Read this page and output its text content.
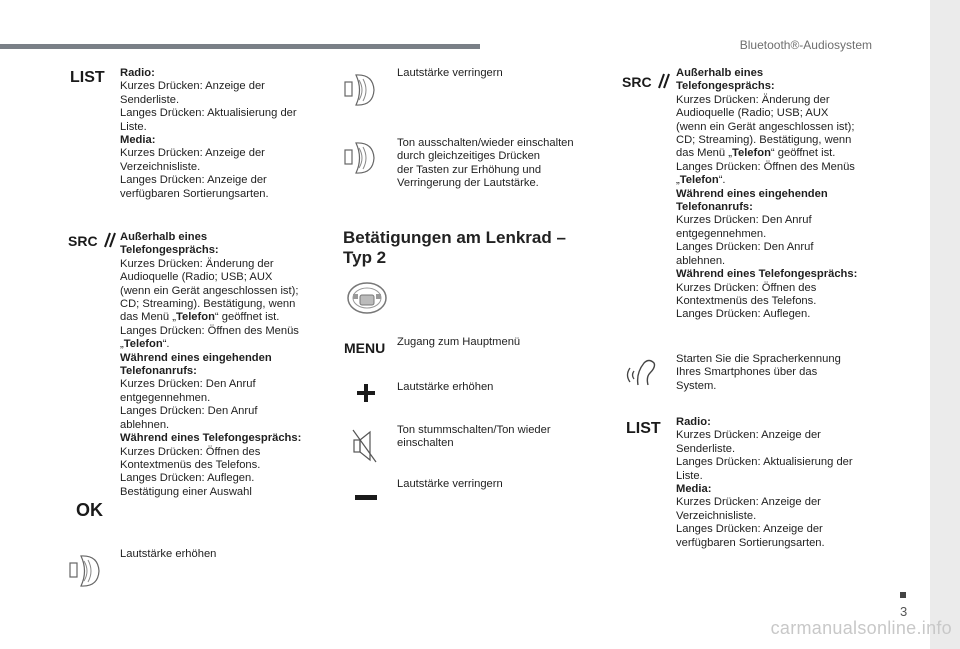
Bluetooth®-Audiosystem
3
carmanualsonline.info
LIST Radio:
Kurzes Drücken: Anzeige der
Senderliste.
Langes Drücken: Aktualisierung der
Liste.
Media:
Kurzes Drücken: Anzeige der
Verzeichnisliste.
Langes Drücken: Anzeige der
verfügbaren Sortierungsarten.
SRC	Außerhalb eines
Telefongesprächs:
Kurzes Drücken: Änderung der
Audioquelle (Radio; USB; AUX
(wenn ein Gerät angeschlossen ist);
CD; Streaming). Bestätigung, wenn
das Menü „Telefon“ geöffnet ist.
Langes Drücken: Öffnen des Menüs
„Telefon“.
Während eines eingehenden
Telefonanrufs:
Kurzes Drücken: Den Anruf
entgegennehmen.
Langes Drücken: Den Anruf
ablehnen.
Während eines Telefongesprächs:
Kurzes Drücken: Öffnen des
Kontextmenüs des Telefons.
Langes Drücken: Auflegen.
Bestätigung einer Auswahl
OK
Lautstärke erhöhen
Lautstärke verringern
Ton ausschalten/wieder einschalten
durch gleichzeitiges Drücken
der Tasten zur Erhöhung und
Verringerung der Lautstärke.
Betätigungen am Lenkrad –
Typ 2
MENU Zugang zum Hauptmenü
Lautstärke erhöhen
Ton stummschalten/Ton wieder
einschalten
Lautstärke verringern
SRC
Außerhalb eines
Telefongesprächs:
Kurzes Drücken: Änderung der
Audioquelle (Radio; USB; AUX
(wenn ein Gerät angeschlossen ist);
CD; Streaming). Bestätigung, wenn
das Menü „Telefon“ geöffnet ist.
Langes Drücken: Öffnen des Menüs
„Telefon“.
Während eines eingehenden
Telefonanrufs:
Kurzes Drücken: Den Anruf
entgegennehmen.
Langes Drücken: Den Anruf
ablehnen.
Während eines Telefongesprächs:
Kurzes Drücken: Öffnen des
Kontextmenüs des Telefons.
Langes Drücken: Auflegen.
Starten Sie die Spracherkennung
Ihres Smartphones über das
System.
LIST Radio:
Kurzes Drücken: Anzeige der
Senderliste.
Langes Drücken: Aktualisierung der
Liste.
Media:
Kurzes Drücken: Anzeige der
Verzeichnisliste.
Langes Drücken: Anzeige der
verfügbaren Sortierungsarten.
